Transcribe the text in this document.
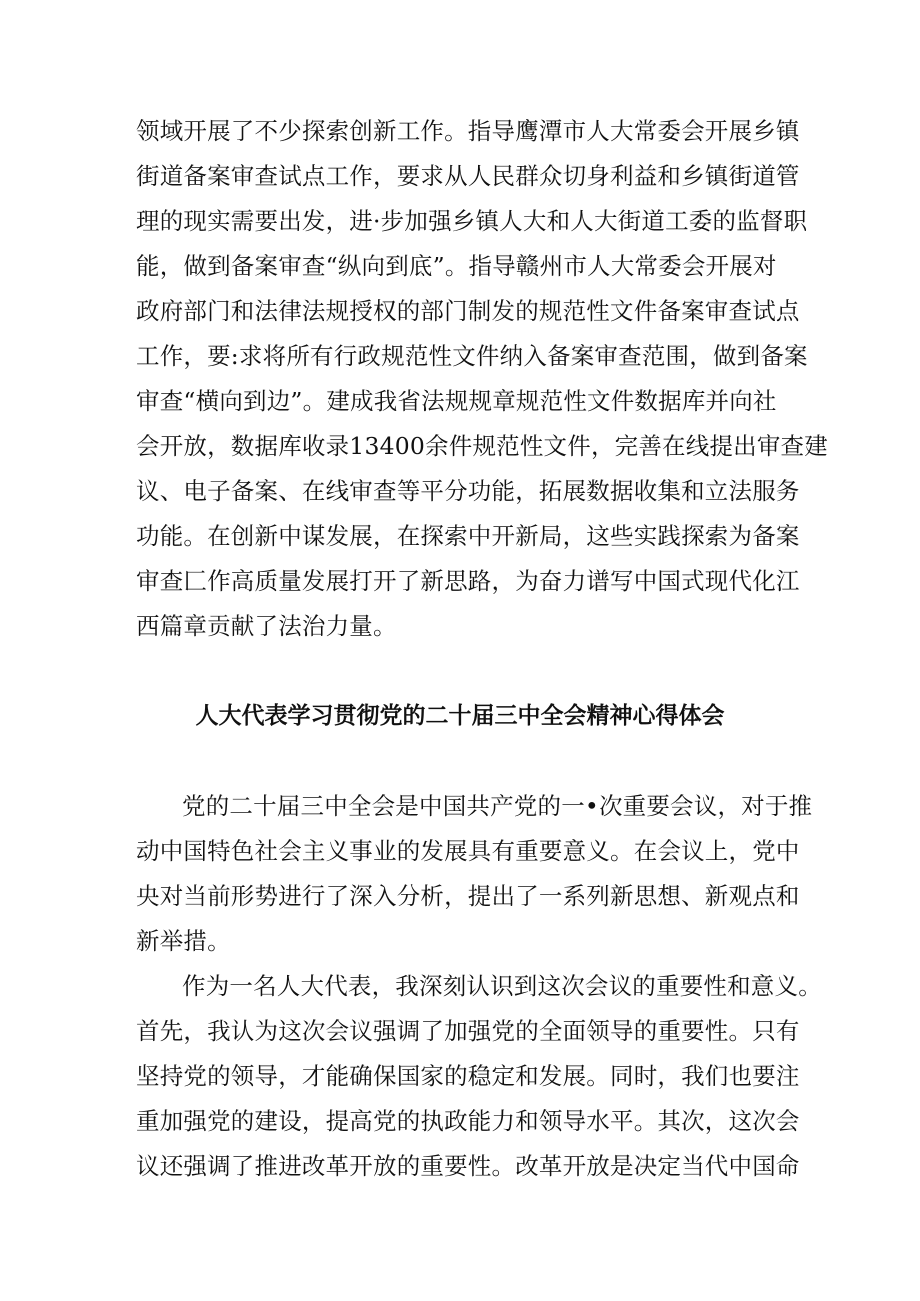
领域开展了不少探索创新工作。指导鹰潭市人大常委会开展乡镇
街道备案审查试点工作，要求从人民群众切身利益和乡镇街道管
理的现实需要出发，进·步加强乡镇人大和人大街道工委的监督职
能，做到备案审查“纵向到底”。指导赣州市人大常委会开展对
政府部门和法律法规授权的部门制发的规范性文件备案审查试点
工作，要:求将所有行政规范性文件纳入备案审查范围，做到备案
审查“横向到边”。建成我省法规规章规范性文件数据库并向社
会开放，数据库收录13400余件规范性文件，完善在线提出审查建
议、电子备案、在线审查等平分功能，拓展数据收集和立法服务
功能。在创新中谋发展，在探索中开新局，这些实践探索为备案
审查匚作高质量发展打开了新思路，为奋力谱写中国式现代化江
西篇章贡献了法治力量。
人大代表学习贯彻党的二十届三中全会精神心得体会
党的二十届三中全会是中国共产党的一•次重要会议，对于推
动中国特色社会主义事业的发展具有重要意义。在会议上，党中
央对当前形势进行了深入分析，提出了一系列新思想、新观点和
新举措。
作为一名人大代表，我深刻认识到这次会议的重要性和意义。
首先，我认为这次会议强调了加强党的全面领导的重要性。只有
坚持党的领导，才能确保国家的稳定和发展。同时，我们也要注
重加强党的建设，提高党的执政能力和领导水平。其次，这次会
议还强调了推进改革开放的重要性。改革开放是决定当代中国命
